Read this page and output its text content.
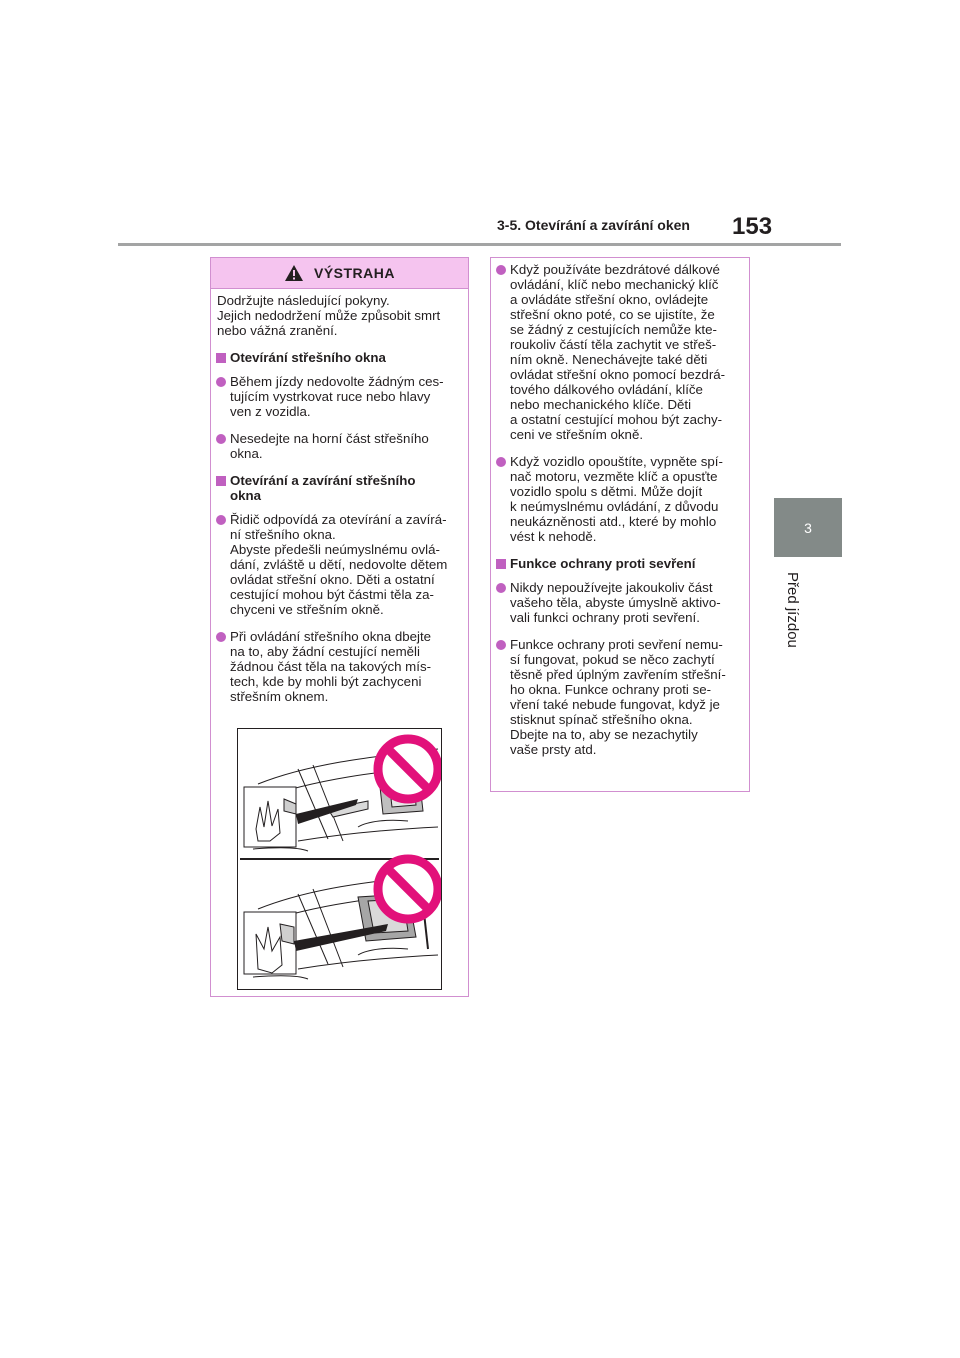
3-5. Otevírání a zavírání oken 153
3
Před jízdou
VÝSTRAHA

Dodržujte následující pokyny.
Jejich nedodržení může způsobit smrt
nebo vážná zranění.

Otevírání střešního okna
Během jízdy nedovolte žádným ces-
tujícím vystrkovat ruce nebo hlavy
ven z vozidla.
Nesedejte na horní část střešního
okna.
Otevírání a zavírání střešního
okna
Řidič odpovídá za otevírání a zavírá-
ní střešního okna.
Abyste předešli neúmyslnému ovlá-
dání, zvláště u dětí, nedovolte dětem
ovládat střešní okno. Děti a ostatní
cestující mohou být částmi těla za-
chyceni ve střešním okně.
Při ovládání střešního okna dbejte
na to, aby žádní cestující neměli
žádnou část těla na takových mís-
tech, kde by mohli být zachyceni
střešním oknem.
Když používáte bezdrátové dálkové
ovládání, klíč nebo mechanický klíč
a ovládáte střešní okno, ovládejte
střešní okno poté, co se ujistíte, že
se žádný z cestujících nemůže kte-
roukoliv částí těla zachytit ve střeš-
ním okně. Nenechávejte také děti
ovládat střešní okno pomocí bezdrá-
tového dálkového ovládání, klíče
nebo mechanického klíče. Děti
a ostatní cestující mohou být zachy-
ceni ve střešním okně.
Když vozidlo opouštíte, vypněte spí-
nač motoru, vezměte klíč a opusťte
vozidlo spolu s dětmi. Může dojít
k neúmyslnému ovládání, z důvodu
neukázněnosti atd., které by mohlo
vést k nehodě.
Funkce ochrany proti sevření
Nikdy nepoužívejte jakoukoliv část
vašeho těla, abyste úmyslně aktivo-
vali funkci ochrany proti sevření.
Funkce ochrany proti sevření nemu-
sí fungovat, pokud se něco zachytí
těsně před úplným zavřením střešní-
ho okna. Funkce ochrany proti se-
vření také nebude fungovat, když je
stisknut spínač střešního okna.
Dbejte na to, aby se nezachytily
vaše prsty atd.
